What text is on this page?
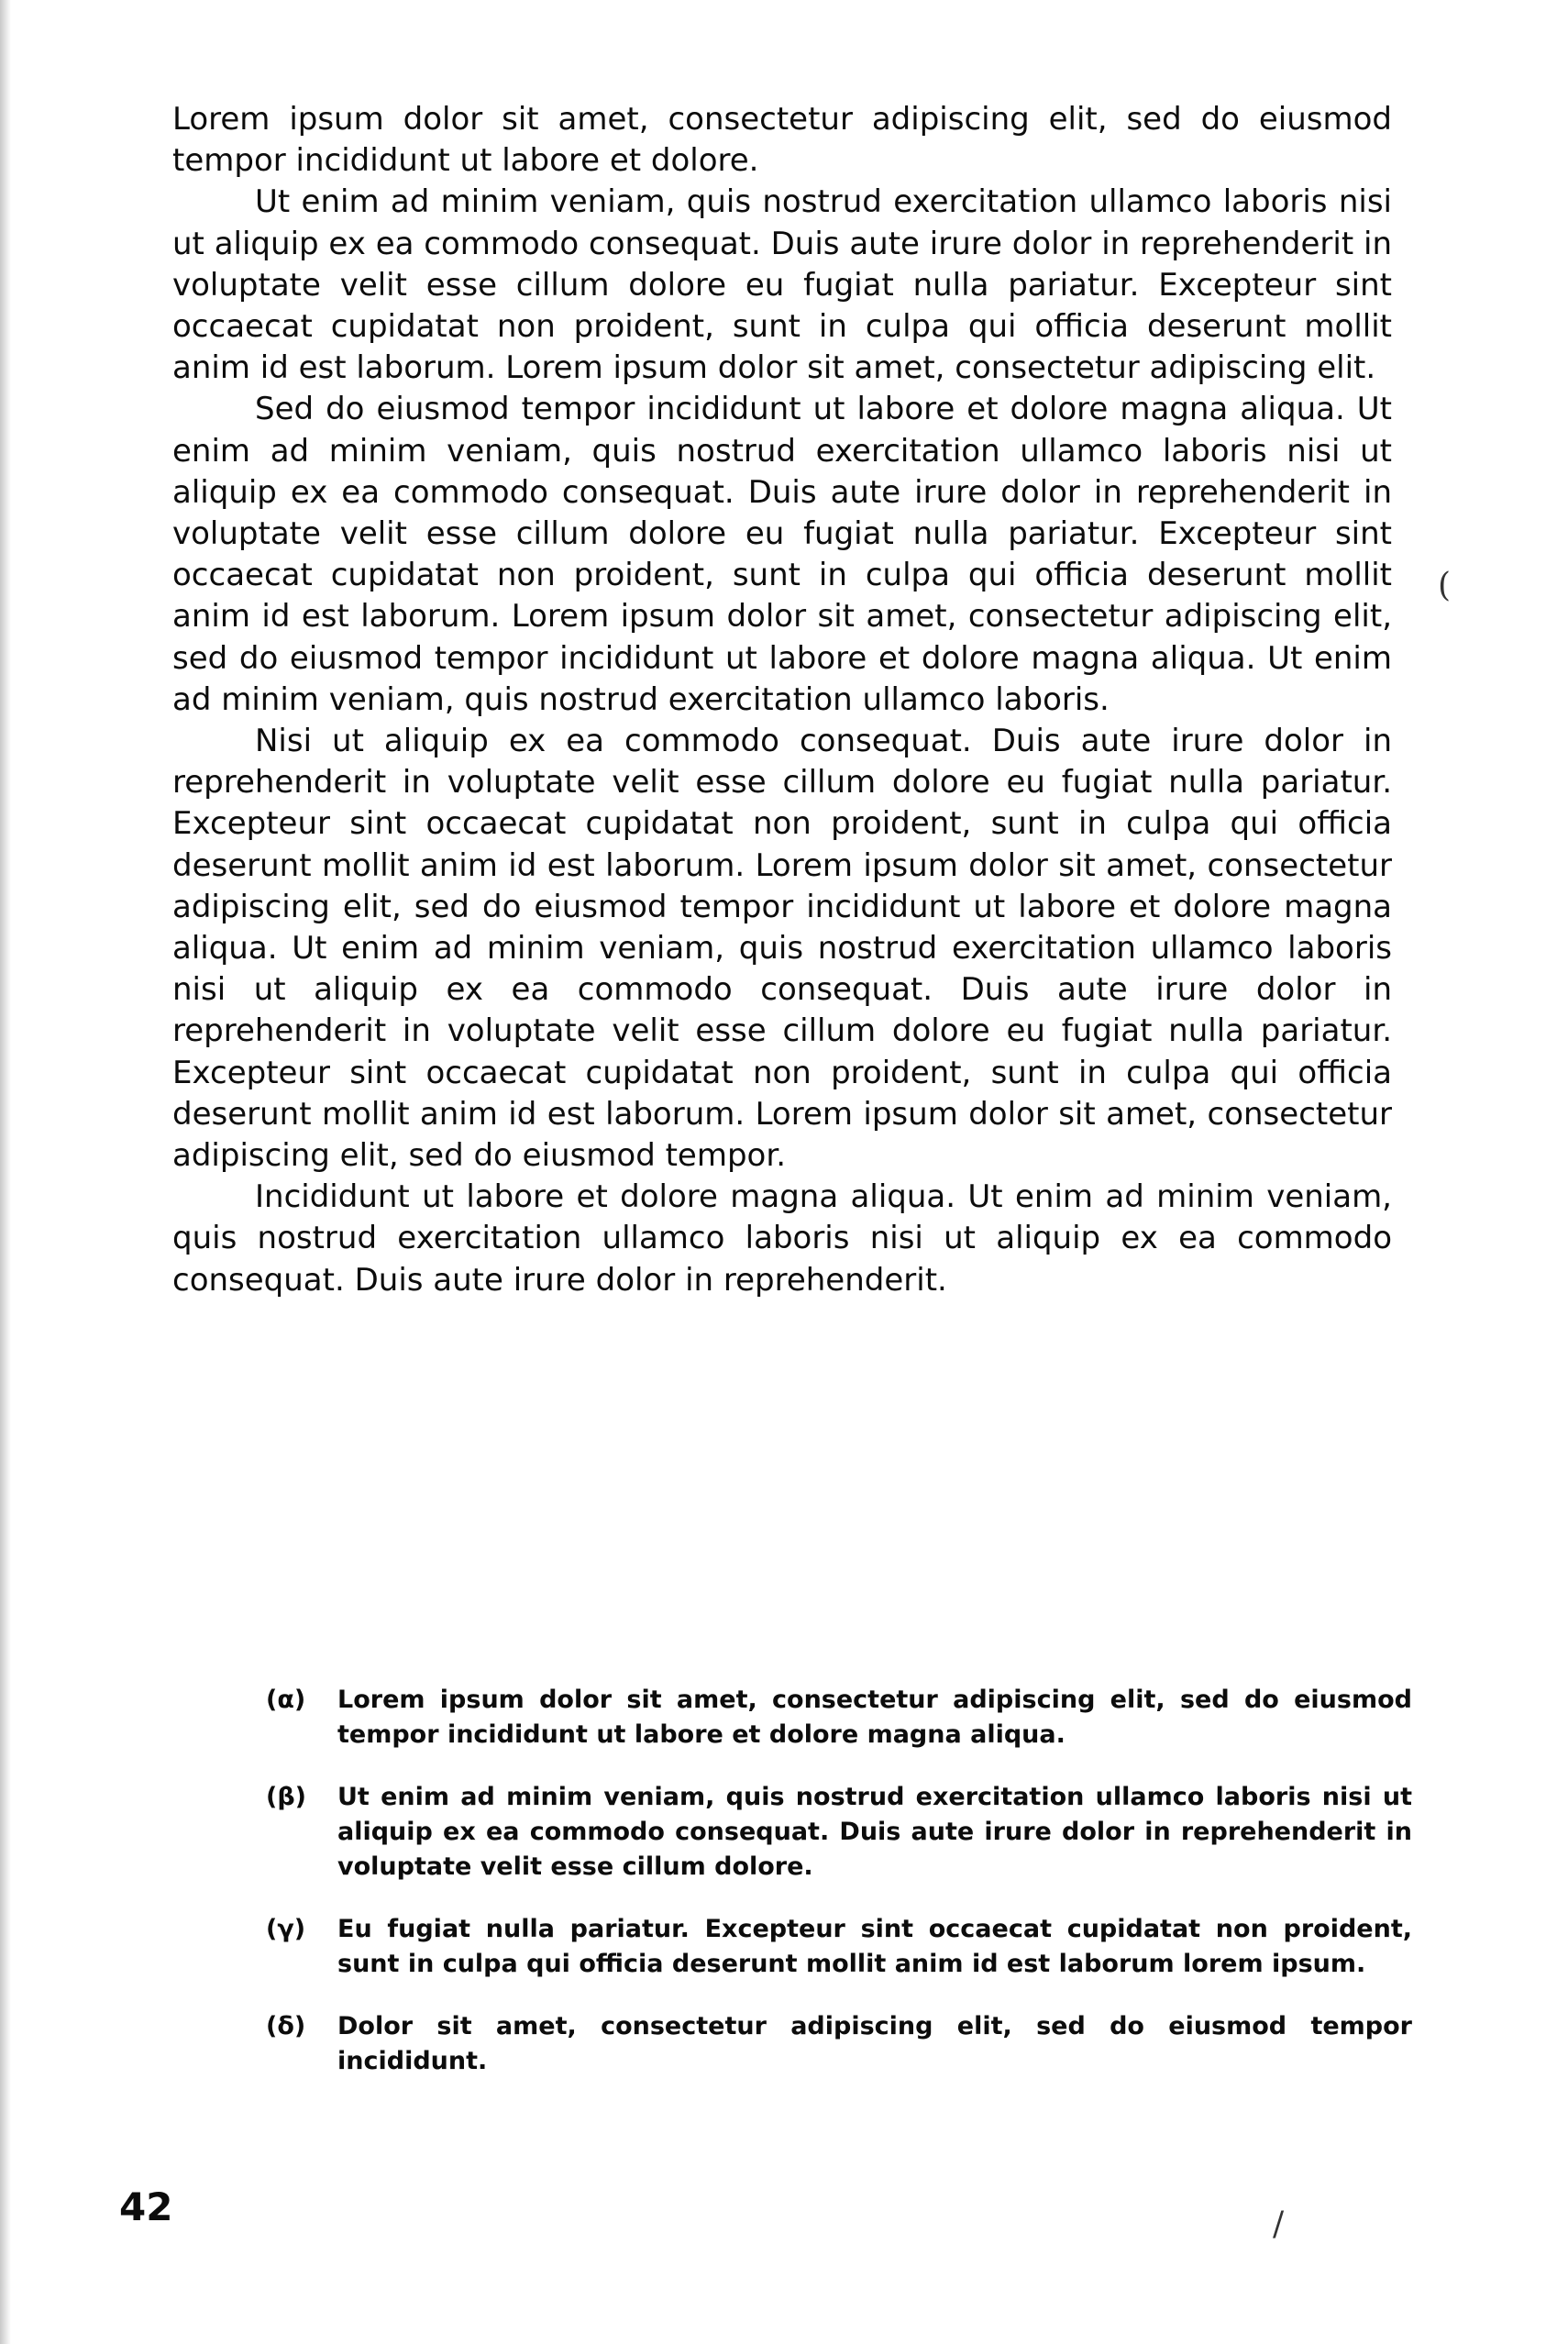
Lorem ipsum dolor sit amet, consectetur adipiscing elit, sed do eiusmod tempor incididunt ut labore et dolore.

Ut enim ad minim veniam, quis nostrud exercitation ullamco laboris nisi ut aliquip ex ea commodo consequat. Duis aute irure dolor in reprehenderit in voluptate velit esse cillum dolore eu fugiat nulla pariatur. Excepteur sint occaecat cupidatat non proident, sunt in culpa qui officia deserunt mollit anim id est laborum. Lorem ipsum dolor sit amet, consectetur adipiscing elit.

Sed do eiusmod tempor incididunt ut labore et dolore magna aliqua. Ut enim ad minim veniam, quis nostrud exercitation ullamco laboris nisi ut aliquip ex ea commodo consequat. Duis aute irure dolor in reprehenderit in voluptate velit esse cillum dolore eu fugiat nulla pariatur. Excepteur sint occaecat cupidatat non proident, sunt in culpa qui officia deserunt mollit anim id est laborum. Lorem ipsum dolor sit amet, consectetur adipiscing elit, sed do eiusmod tempor incididunt ut labore et dolore magna aliqua. Ut enim ad minim veniam, quis nostrud exercitation ullamco laboris.

Nisi ut aliquip ex ea commodo consequat. Duis aute irure dolor in reprehenderit in voluptate velit esse cillum dolore eu fugiat nulla pariatur. Excepteur sint occaecat cupidatat non proident, sunt in culpa qui officia deserunt mollit anim id est laborum. Lorem ipsum dolor sit amet, consectetur adipiscing elit, sed do eiusmod tempor incididunt ut labore et dolore magna aliqua. Ut enim ad minim veniam, quis nostrud exercitation ullamco laboris nisi ut aliquip ex ea commodo consequat. Duis aute irure dolor in reprehenderit in voluptate velit esse cillum dolore eu fugiat nulla pariatur. Excepteur sint occaecat cupidatat non proident, sunt in culpa qui officia deserunt mollit anim id est laborum. Lorem ipsum dolor sit amet, consectetur adipiscing elit, sed do eiusmod tempor.

Incididunt ut labore et dolore magna aliqua. Ut enim ad minim veniam, quis nostrud exercitation ullamco laboris nisi ut aliquip ex ea commodo consequat. Duis aute irure dolor in reprehenderit.

(α) Lorem ipsum dolor sit amet, consectetur adipiscing elit, sed do eiusmod tempor incididunt ut labore et dolore magna aliqua.

(β) Ut enim ad minim veniam, quis nostrud exercitation ullamco laboris nisi ut aliquip ex ea commodo consequat. Duis aute irure dolor in reprehenderit in voluptate velit esse cillum dolore.

(γ) Eu fugiat nulla pariatur. Excepteur sint occaecat cupidatat non proident, sunt in culpa qui officia deserunt mollit anim id est laborum lorem ipsum.

(δ) Dolor sit amet, consectetur adipiscing elit, sed do eiusmod tempor incididunt.

42
(
/
